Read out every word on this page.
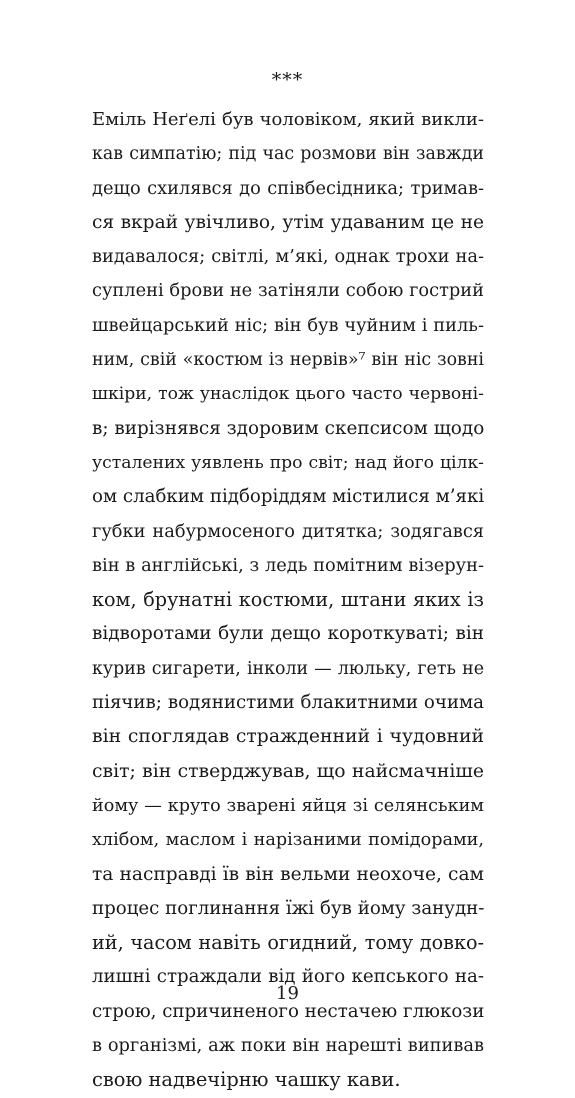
***
Еміль Неґелі був чоловіком, який викли-
кав симпатію; під час розмови він завжди
дещо схилявся до співбесідника; тримав-
ся вкрай увічливо, утім удаваним це не
видавалося; світлі, м’які, однак трохи на-
суплені брови не затіняли собою гострий
швейцарський ніс; він був чуйним і пиль-
ним, свій «костюм із нервів»⁷ він ніс зовні
шкіри, тож унаслідок цього часто червоні-
в; вирізнявся здоровим скепсисом щодо
усталених уявлень про світ; над його цілк-
ом слабким підборіддям містилися м’які
губки набурмосеного дитятка; зодягався
він в англійські, з ледь помітним візерун-
ком, брунатні костюми, штани яких із
відворотами були дещо короткуваті; він
курив сигарети, інколи — люльку, геть не
піячив; водянистими блакитними очима
він споглядав стражденний і чудовний
світ; він стверджував, що найсмачніше
йому — круто зварені яйця зі селянським
хлібом, маслом і нарізаними помідорами,
та насправді їв він вельми неохоче, сам
процес поглинання їжі був йому занудн-
ий, часом навіть огидний, тому довко-
лишні страждали від його кепського на-
строю, спричиненого нестачею глюкози
в організмі, аж поки він нарешті випивав
свою надвечірню чашку кави.
19
